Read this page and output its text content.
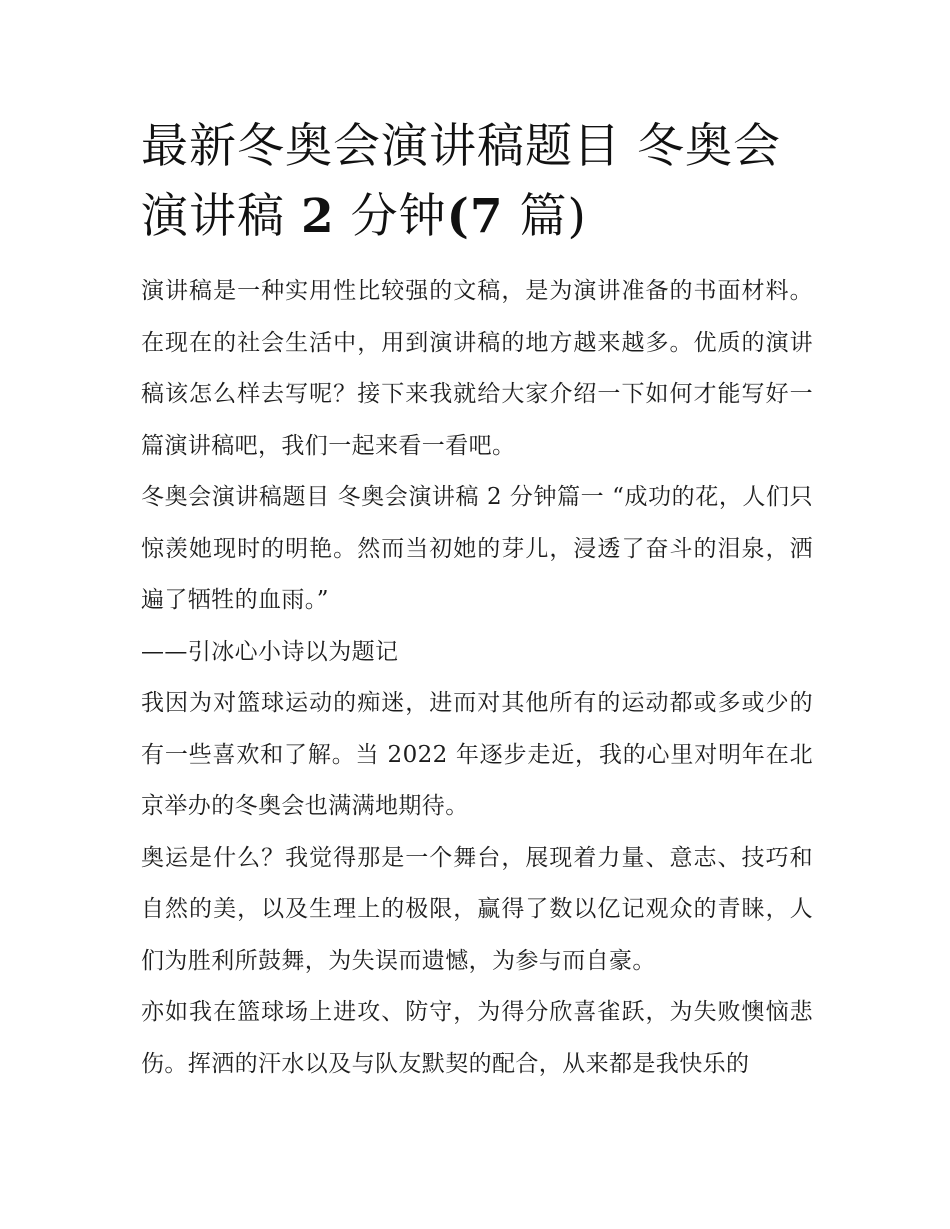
最新冬奥会演讲稿题目 冬奥会演讲稿 2 分钟(7 篇)

演讲稿是一种实用性比较强的文稿，是为演讲准备的书面材料。在现在的社会生活中，用到演讲稿的地方越来越多。优质的演讲稿该怎么样去写呢？接下来我就给大家介绍一下如何才能写好一篇演讲稿吧，我们一起来看一看吧。

冬奥会演讲稿题目 冬奥会演讲稿 2 分钟篇一 “成功的花，人们只惊羡她现时的明艳。然而当初她的芽儿，浸透了奋斗的泪泉，洒遍了牺牲的血雨。”

——引冰心小诗以为题记

我因为对篮球运动的痴迷，进而对其他所有的运动都或多或少的有一些喜欢和了解。当 2022 年逐步走近，我的心里对明年在北京举办的冬奥会也满满地期待。

奥运是什么？我觉得那是一个舞台，展现着力量、意志、技巧和自然的美，以及生理上的极限，赢得了数以亿记观众的青睐，人们为胜利所鼓舞，为失误而遗憾，为参与而自豪。

亦如我在篮球场上进攻、防守，为得分欣喜雀跃，为失败懊恼悲伤。挥洒的汗水以及与队友默契的配合，从来都是我快乐的
